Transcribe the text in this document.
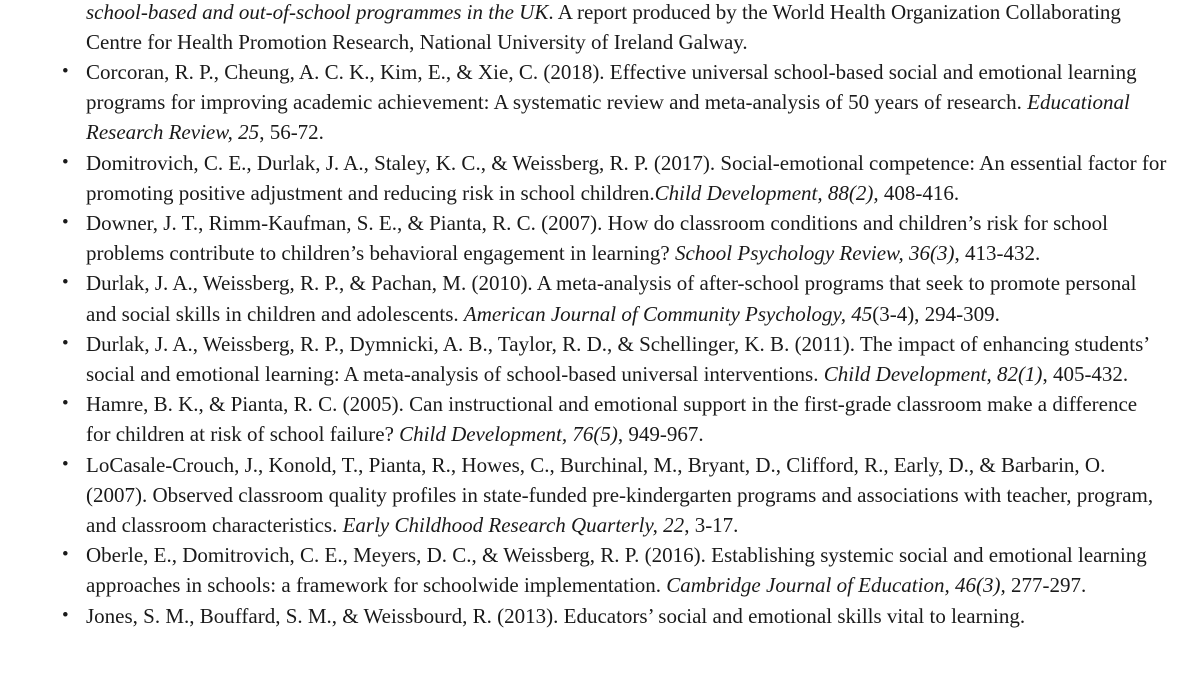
school-based and out-of-school programmes in the UK. A report produced by the World Health Organization Collaborating Centre for Health Promotion Research, National University of Ireland Galway.

• Corcoran, R. P., Cheung, A. C. K., Kim, E., & Xie, C. (2018). Effective universal school-based social and emotional learning programs for improving academic achievement: A systematic review and meta-analysis of 50 years of research. Educational Research Review, 25, 56-72.
• Domitrovich, C. E., Durlak, J. A., Staley, K. C., & Weissberg, R. P. (2017). Social-emotional competence: An essential factor for promoting positive adjustment and reducing risk in school children.Child Development, 88(2), 408-416.
• Downer, J. T., Rimm-Kaufman, S. E., & Pianta, R. C. (2007). How do classroom conditions and children’s risk for school problems contribute to children’s behavioral engagement in learning? School Psychology Review, 36(3), 413-432.
• Durlak, J. A., Weissberg, R. P., & Pachan, M. (2010). A meta-analysis of after-school programs that seek to promote personal and social skills in children and adolescents. American Journal of Community Psychology, 45(3-4), 294-309.
• Durlak, J. A., Weissberg, R. P., Dymnicki, A. B., Taylor, R. D., & Schellinger, K. B. (2011). The impact of enhancing students’ social and emotional learning: A meta-analysis of school-based universal interventions. Child Development, 82(1), 405-432.
• Hamre, B. K., & Pianta, R. C. (2005). Can instructional and emotional support in the first-grade classroom make a difference for children at risk of school failure? Child Development, 76(5), 949-967.
• LoCasale-Crouch, J., Konold, T., Pianta, R., Howes, C., Burchinal, M., Bryant, D., Clifford, R., Early, D., & Barbarin, O. (2007). Observed classroom quality profiles in state-funded pre-kindergarten programs and associations with teacher, program, and classroom characteristics. Early Childhood Research Quarterly, 22, 3-17.
• Oberle, E., Domitrovich, C. E., Meyers, D. C., & Weissberg, R. P. (2016). Establishing systemic social and emotional learning approaches in schools: a framework for schoolwide implementation. Cambridge Journal of Education, 46(3), 277-297.
• Jones, S. M., Bouffard, S. M., & Weissbourd, R. (2013). Educators’ social and emotional skills vital to learning.
